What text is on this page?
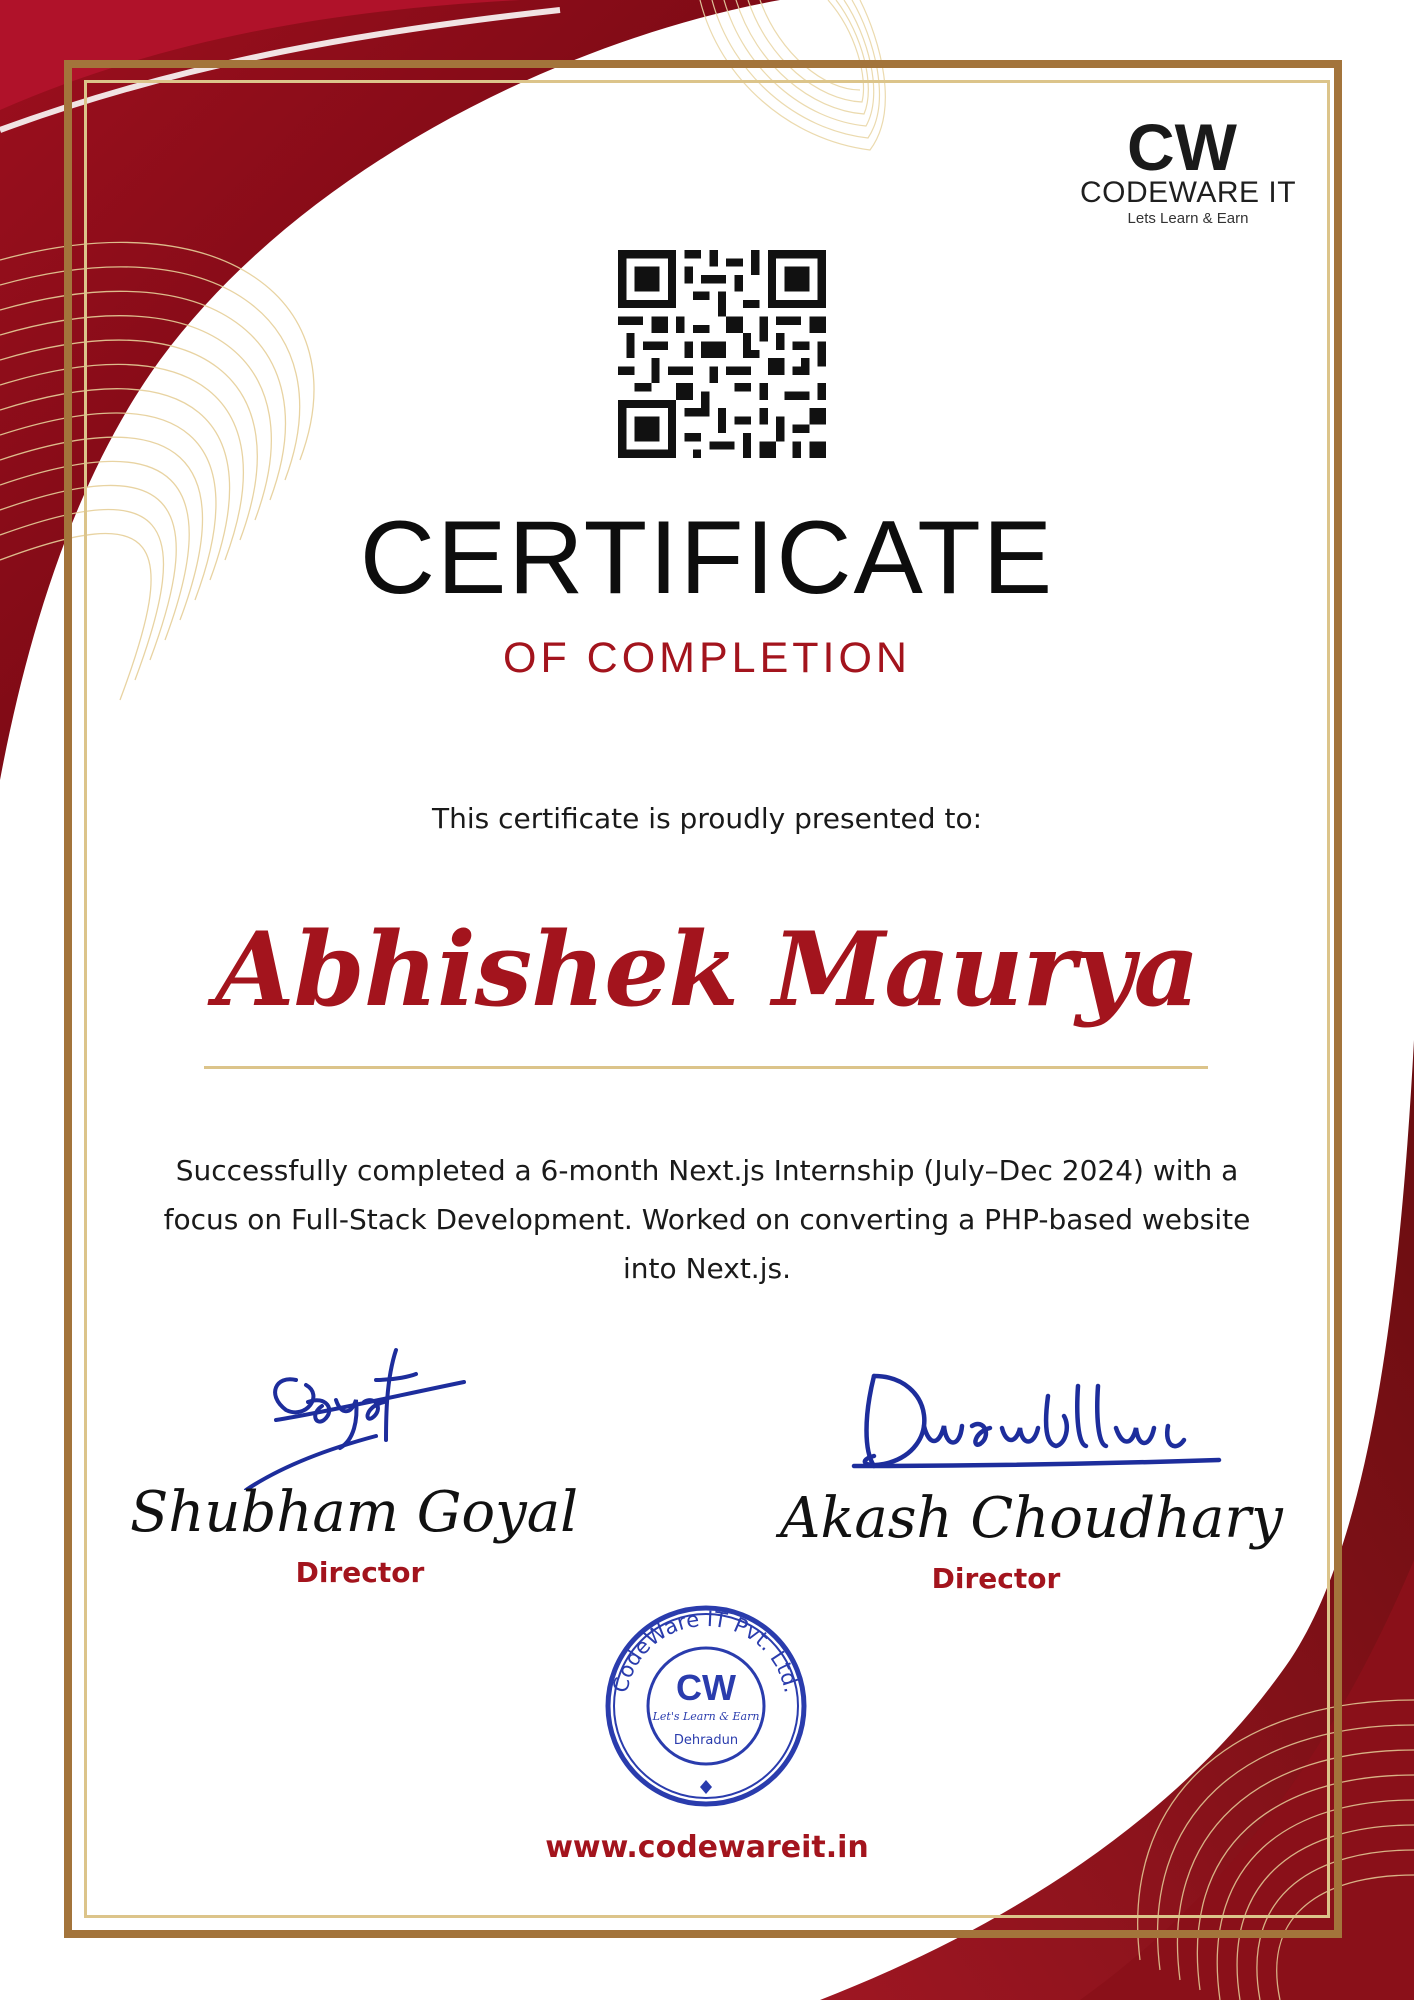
CW
CODEWARE IT
Lets Learn & Earn
CERTIFICATE
OF COMPLETION
This certificate is proudly presented to:
Abhishek Maurya
Successfully completed a 6-month Next.js Internship (July–Dec 2024) with a focus on Full-Stack Development. Worked on converting a PHP-based website into Next.js.
Goyal
Shubham Goyal
Director
Dhaudhary
Akash Choudhary
Director
CodeWare IT Pvt. Ltd.
CW
Let's Learn & Earn
Dehradun
www.codewareit.in
